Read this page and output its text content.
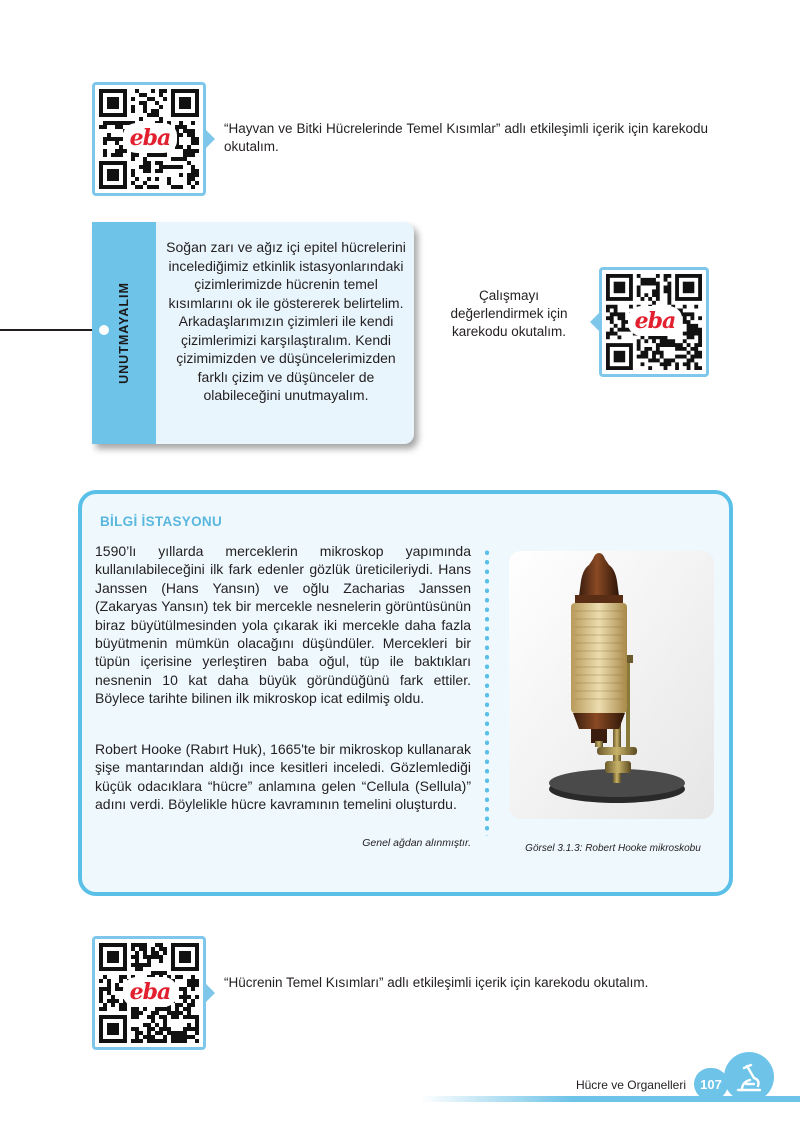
eba	“Hayvan ve Bitki Hücrelerinde Temel Kısımlar” adlı etkileşimli içerik için karekodu okutalım.
UNUTMAYALIM
Soğan zarı ve ağız içi epitel hücrelerini incelediğimiz etkinlik istasyonlarındaki çizimlerimizde hücrenin temel kısımlarını ok ile göstererek belirtelim. Arkadaşlarımızın çizimleri ile kendi çizimlerimizi karşılaştıralım. Kendi çizimimizden ve düşüncelerimizden farklı çizim ve düşünceler de olabileceğini unutmayalım.
Çalışmayı değerlendirmek için karekodu okutalım.	eba
BİLGİ İSTASYONU
1590’lı yıllarda merceklerin mikroskop yapımında kullanılabileceğini ilk fark edenler gözlük üreticileriydi. Hans Janssen (Hans Yansın) ve oğlu Zacharias Janssen (Zakaryas Yansın) tek bir mercekle nesnelerin görüntüsünün biraz büyütülmesinden yola çıkarak iki mercekle daha fazla büyütmenin mümkün olacağını düşündüler. Mercekleri bir tüpün içerisine yerleştiren baba oğul, tüp ile baktıkları nesnenin 10 kat daha büyük göründüğünü fark ettiler. Böylece tarihte bilinen ilk mikroskop icat edilmiş oldu.
Robert Hooke (Rabırt Huk), 1665'te bir mikroskop kullanarak şişe mantarından aldığı ince kesitleri inceledi. Gözlemlediği küçük odacıklara “hücre” anlamına gelen “Cellula (Sellula)” adını verdi. Böylelikle hücre kavramının temelini oluşturdu.
Genel ağdan alınmıştır.	Görsel 3.1.3: Robert Hooke mikroskobu
eba	“Hücrenin Temel Kısımları” adlı etkileşimli içerik için karekodu okutalım.
Hücre ve Organelleri	107
